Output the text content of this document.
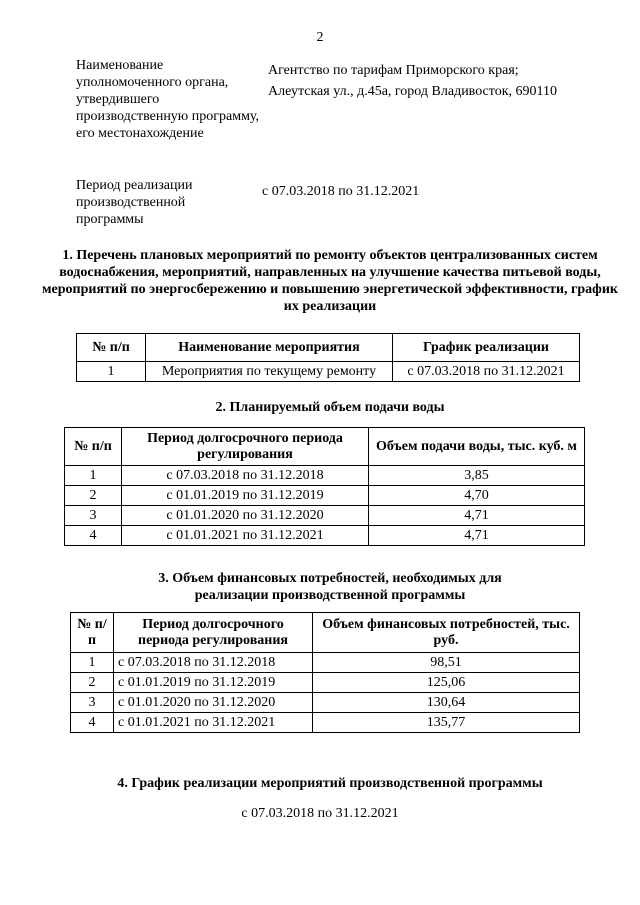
2
Наименование уполномоченного органа, утвердившего производственную программу, его местонахождение
Агентство по тарифам Приморского края;
Алеутская ул., д.45а, город Владивосток, 690110
Период реализации производственной программы
с 07.03.2018 по 31.12.2021
1. Перечень плановых мероприятий по ремонту объектов централизованных систем водоснабжения, мероприятий, направленных на улучшение качества питьевой воды, мероприятий по энергосбережению и повышению энергетической эффективности, график их реализации
№ п/п	Наименование мероприятия	График реализации
1	Мероприятия по текущему ремонту	с 07.03.2018 по 31.12.2021
2. Планируемый объем подачи воды
№ п/п	Период долгосрочного периода регулирования	Объем подачи воды, тыс. куб. м
1	с 07.03.2018 по 31.12.2018	3,85
2	с 01.01.2019 по 31.12.2019	4,70
3	с 01.01.2020 по 31.12.2020	4,71
4	с 01.01.2021 по 31.12.2021	4,71
3. Объем финансовых потребностей, необходимых для реализации производственной программы
№ п/п	Период долгосрочного периода регулирования	Объем финансовых потребностей, тыс. руб.
1	с 07.03.2018 по 31.12.2018	98,51
2	с 01.01.2019 по 31.12.2019	125,06
3	с 01.01.2020 по 31.12.2020	130,64
4	с 01.01.2021 по 31.12.2021	135,77
4. График реализации мероприятий производственной программы
с 07.03.2018 по 31.12.2021
